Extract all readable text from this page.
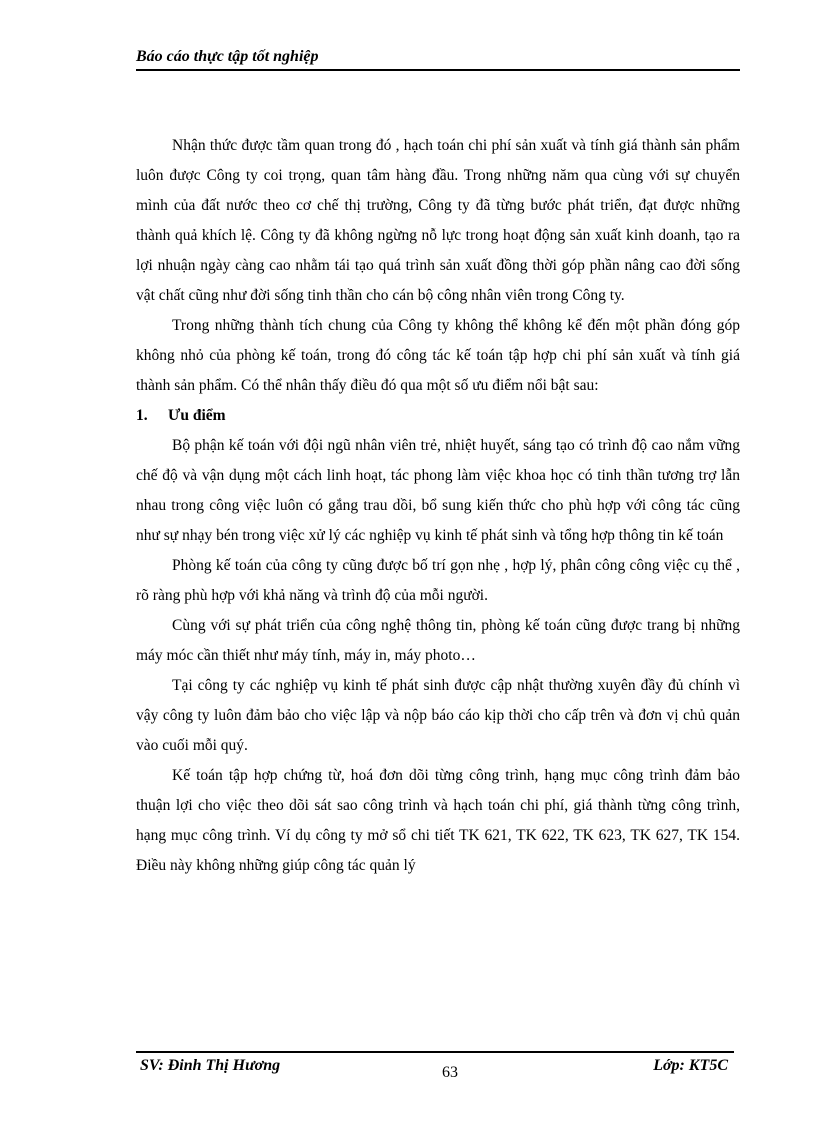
Báo cáo thực tập tốt nghiệp

Nhận thức được tầm quan trong đó , hạch toán chi phí sản xuất và tính giá thành sản phẩm luôn được Công ty coi trọng, quan tâm hàng đầu. Trong những năm qua cùng với sự chuyển mình của đất nước theo cơ chế thị trường, Công ty đã từng bước phát triển, đạt được những thành quả khích lệ. Công ty đã không ngừng nỗ lực trong hoạt động sản xuất kinh doanh, tạo ra lợi nhuận ngày càng cao nhằm tái tạo quá trình sản xuất đồng thời góp phần nâng cao đời sống vật chất cũng như đời sống tinh thần cho cán bộ công nhân viên trong Công ty.

Trong những thành tích chung của Công ty không thể không kể đến một phần đóng góp không nhỏ của phòng kế toán, trong đó công tác kế toán tập hợp chi phí sản xuất và tính giá thành sản phẩm. Có thể nhân thấy điều đó qua một số ưu điểm nổi bật sau:

1. Ưu điểm

Bộ phận kế toán với đội ngũ nhân viên trẻ, nhiệt huyết, sáng tạo có trình độ cao nắm vững chế độ và vận dụng một cách linh hoạt, tác phong làm việc khoa học có tinh thần tương trợ lẫn nhau trong công việc luôn có gắng trau dồi, bổ sung kiến thức cho phù hợp với công tác cũng như sự nhạy bén trong việc xử lý các nghiệp vụ kinh tế phát sinh và tổng hợp thông tin kế toán

Phòng kế toán của công ty cũng được bố trí gọn nhẹ , hợp lý, phân công công việc cụ thể , rõ ràng phù hợp với khả năng và trình độ của mỗi người.

Cùng với sự phát triển của công nghệ thông tin, phòng kế toán cũng được trang bị những máy móc cần thiết như máy tính, máy in, máy photo…

Tại công ty các nghiệp vụ kinh tế phát sinh được cập nhật thường xuyên đầy đủ chính vì vậy công ty luôn đảm bảo cho việc lập và nộp báo cáo kịp thời cho cấp trên và đơn vị chủ quản vào cuối mỗi quý.

Kế toán tập hợp chứng từ, hoá đơn dõi từng công trình, hạng mục công trình đảm bảo thuận lợi cho việc theo dõi sát sao công trình và hạch toán chi phí, giá thành từng công trình, hạng mục công trình. Ví dụ công ty mở sổ chi tiết TK 621, TK 622, TK 623, TK 627, TK 154. Điều này không những giúp công tác quản lý

SV: Đinh Thị Hương	63	Lớp: KT5C
